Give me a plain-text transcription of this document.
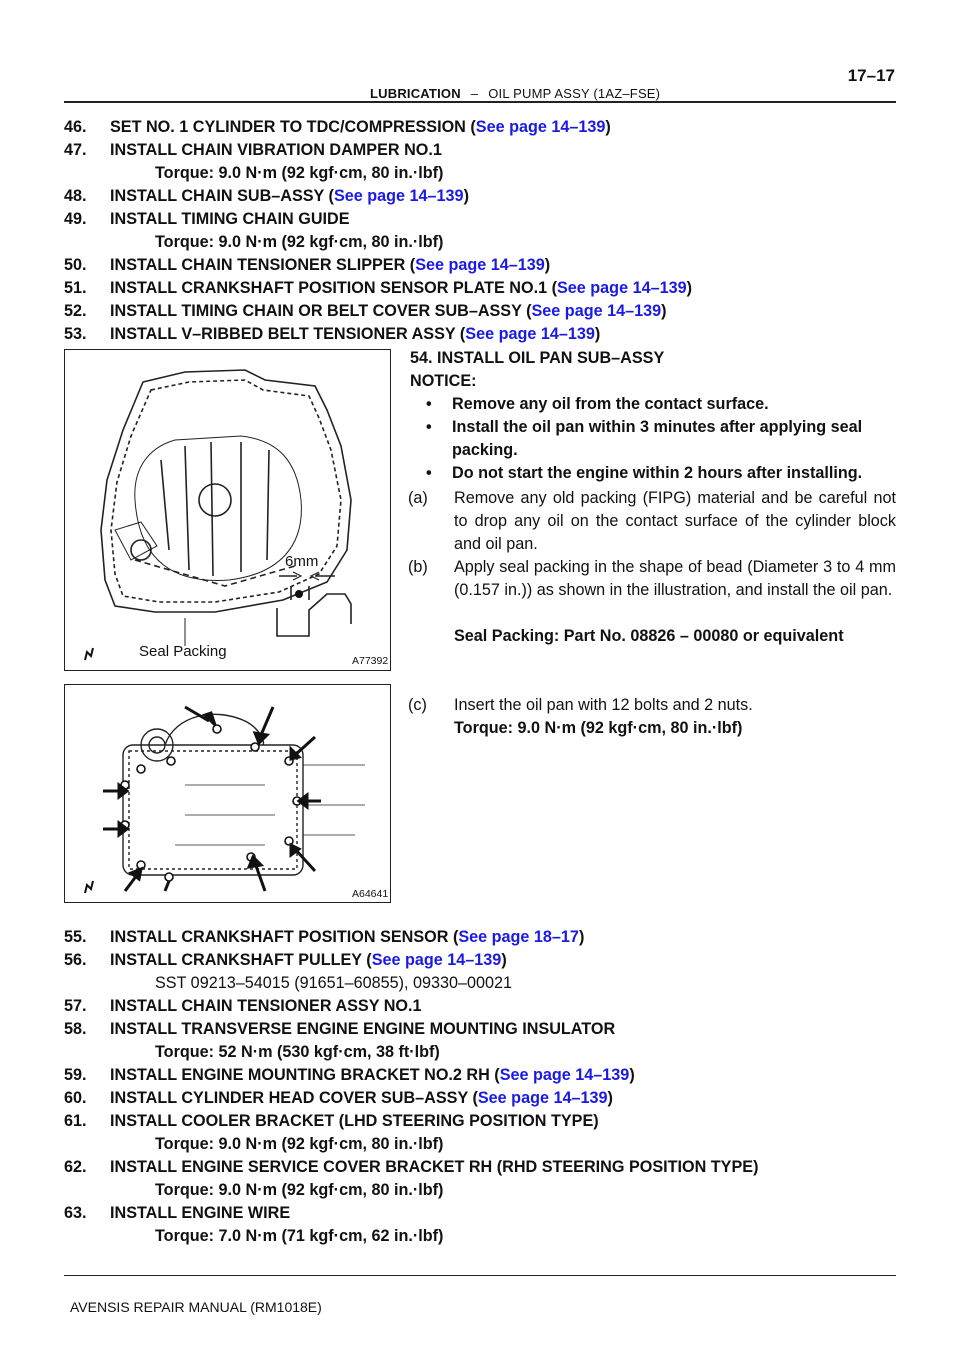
LUBRICATION – OIL PUMP ASSY (1AZ–FSE)
17–17
46. SET NO. 1 CYLINDER TO TDC/COMPRESSION (See page 14–139)
47. INSTALL CHAIN VIBRATION DAMPER NO.1
Torque: 9.0 N·m (92 kgf·cm, 80 in.·lbf)
48. INSTALL CHAIN SUB–ASSY (See page 14–139)
49. INSTALL TIMING CHAIN GUIDE
Torque: 9.0 N·m (92 kgf·cm, 80 in.·lbf)
50. INSTALL CHAIN TENSIONER SLIPPER (See page 14–139)
51. INSTALL CRANKSHAFT POSITION SENSOR PLATE NO.1 (See page 14–139)
52. INSTALL TIMING CHAIN OR BELT COVER SUB–ASSY (See page 14–139)
53. INSTALL V–RIBBED BELT TENSIONER ASSY (See page 14–139)
6mm
Seal Packing
A77392
54. INSTALL OIL PAN SUB–ASSY
NOTICE:
• Remove any oil from the contact surface.
• Install the oil pan within 3 minutes after applying seal packing.
• Do not start the engine within 2 hours after installing.
(a) Remove any old packing (FIPG) material and be careful not to drop any oil on the contact surface of the cylinder block and oil pan.
(b) Apply seal packing in the shape of bead (Diameter 3 to 4 mm (0.157 in.)) as shown in the illustration, and install the oil pan.
Seal Packing: Part No. 08826 – 00080 or equivalent
(c) Insert the oil pan with 12 bolts and 2 nuts.
Torque: 9.0 N·m (92 kgf·cm, 80 in.·lbf)
A64641
55. INSTALL CRANKSHAFT POSITION SENSOR (See page 18–17)
56. INSTALL CRANKSHAFT PULLEY (See page 14–139)
SST 09213–54015 (91651–60855), 09330–00021
57. INSTALL CHAIN TENSIONER ASSY NO.1
58. INSTALL TRANSVERSE ENGINE ENGINE MOUNTING INSULATOR
Torque: 52 N·m (530 kgf·cm, 38 ft·lbf)
59. INSTALL ENGINE MOUNTING BRACKET NO.2 RH (See page 14–139)
60. INSTALL CYLINDER HEAD COVER SUB–ASSY (See page 14–139)
61. INSTALL COOLER BRACKET (LHD STEERING POSITION TYPE)
Torque: 9.0 N·m (92 kgf·cm, 80 in.·lbf)
62. INSTALL ENGINE SERVICE COVER BRACKET RH (RHD STEERING POSITION TYPE)
Torque: 9.0 N·m (92 kgf·cm, 80 in.·lbf)
63. INSTALL ENGINE WIRE
Torque: 7.0 N·m (71 kgf·cm, 62 in.·lbf)
AVENSIS REPAIR MANUAL (RM1018E)
